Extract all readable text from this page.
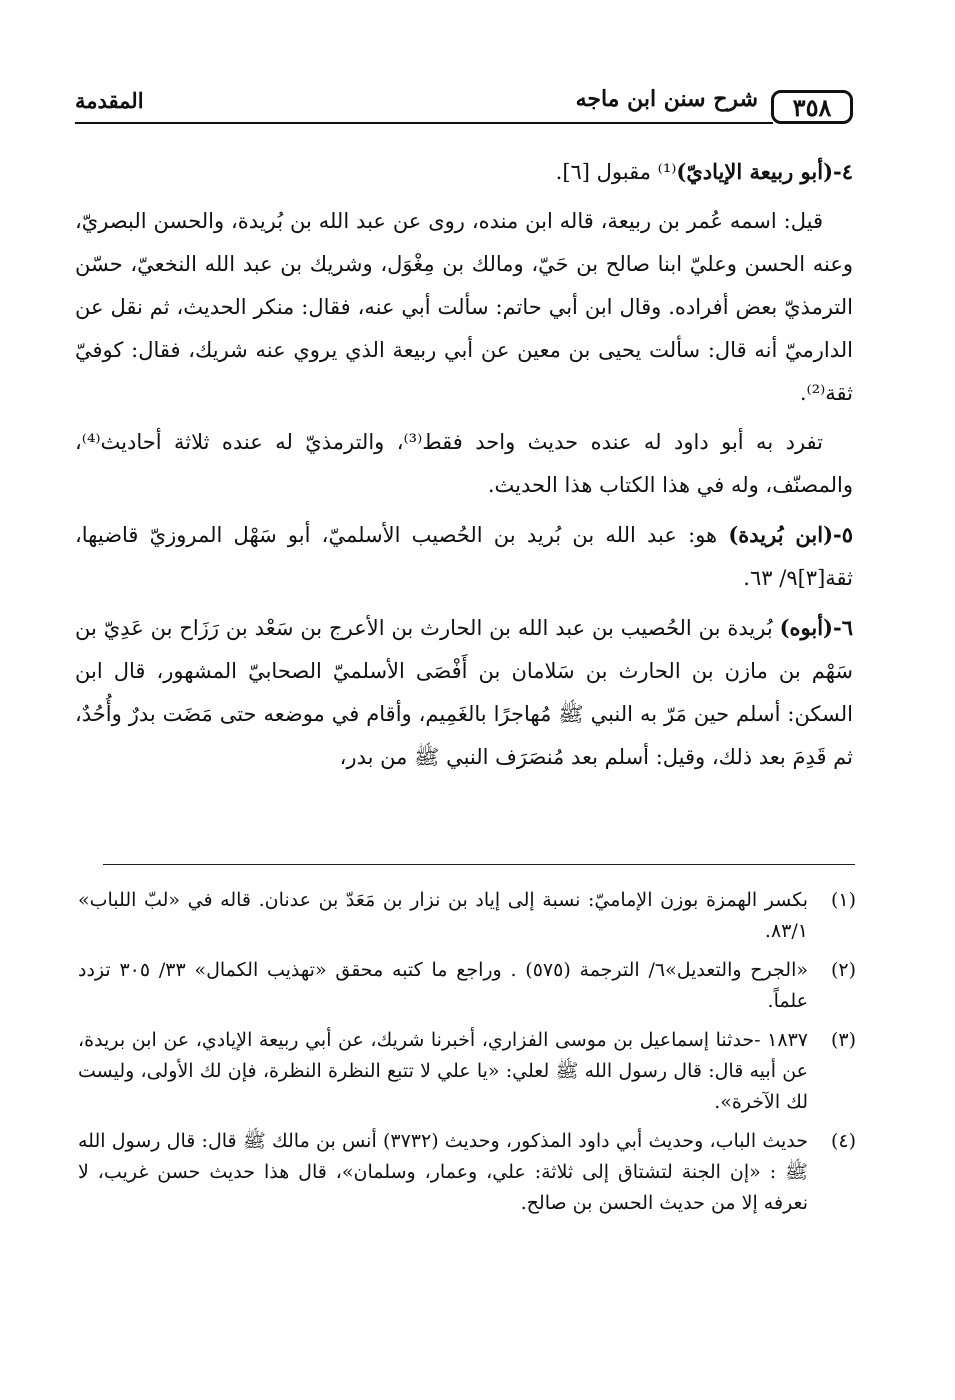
المقدمة	شرح سنن ابن ماجه ٣٥٨

٤-(أبو ربيعة الإياديّ)⁽¹⁾ مقبول [٦].

قيل: اسمه عُمر بن ربيعة، قاله ابن منده، روى عن عبد الله بن بُريدة، والحسن البصريّ، وعنه الحسن وعليّ ابنا صالح بن حَيّ، ومالك بن مِغْوَل، وشريك بن عبد الله النخعيّ، حسّن الترمذيّ بعض أفراده. وقال ابن أبي حاتم: سألت أبي عنه، فقال: منكر الحديث، ثم نقل عن الدارميّ أنه قال: سألت يحيى بن معين عن أبي ربيعة الذي يروي عنه شريك، فقال: كوفيّ ثقة⁽²⁾.

تفرد به أبو داود له عنده حديث واحد فقط⁽³⁾، والترمذيّ له عنده ثلاثة أحاديث⁽⁴⁾، والمصنّف، وله في هذا الكتاب هذا الحديث.

٥-(ابن بُريدة) هو: عبد الله بن بُريد بن الحُصيب الأسلميّ، أبو سَهْل المروزيّ قاضيها، ثقة[٣]٩/ ٦٣.

٦-(أبوه) بُريدة بن الحُصيب بن عبد الله بن الحارث بن الأعرج بن سَعْد بن رَزَاح بن عَدِيّ بن سَهْم بن مازن بن الحارث بن سَلامان بن أَفْصَى الأسلميّ الصحابيّ المشهور، قال ابن السكن: أسلم حين مَرّ به النبي ﷺ مُهاجرًا بالغَمِيم، وأقام في موضعه حتى مَضَت بدرٌ وأُحُدٌ، ثم قَدِمَ بعد ذلك، وقيل: أسلم بعد مُنصَرَف النبي ﷺ من بدر،

(١)
بكسر الهمزة بوزن الإماميّ: نسبة إلى إياد بن نزار بن مَعَدّ بن عدنان. قاله في «لبّ اللباب» ٨٣/١.
(٢)
«الجرح والتعديل»٦/ الترجمة (٥٧٥) . وراجع ما كتبه محقق «تهذيب الكمال» ٣٣/ ٣٠٥ تزدد علماً.
(٣)
١٨٣٧ -حدثنا إسماعيل بن موسى الفزاري، أخبرنا شريك، عن أبي ربيعة الإيادي، عن ابن بريدة، عن أبيه قال: قال رسول الله ﷺ لعلي: «يا علي لا تتبع النظرة النظرة، فإن لك الأولى، وليست لك الآخرة».
(٤)
حديث الباب، وحديث أبي داود المذكور، وحديث (٣٧٣٢) أنس بن مالك ﷺ قال: قال رسول الله ﷺ : «إن الجنة لتشتاق إلى ثلاثة: علي، وعمار، وسلمان»، قال هذا حديث حسن غريب، لا نعرفه إلا من حديث الحسن بن صالح.
